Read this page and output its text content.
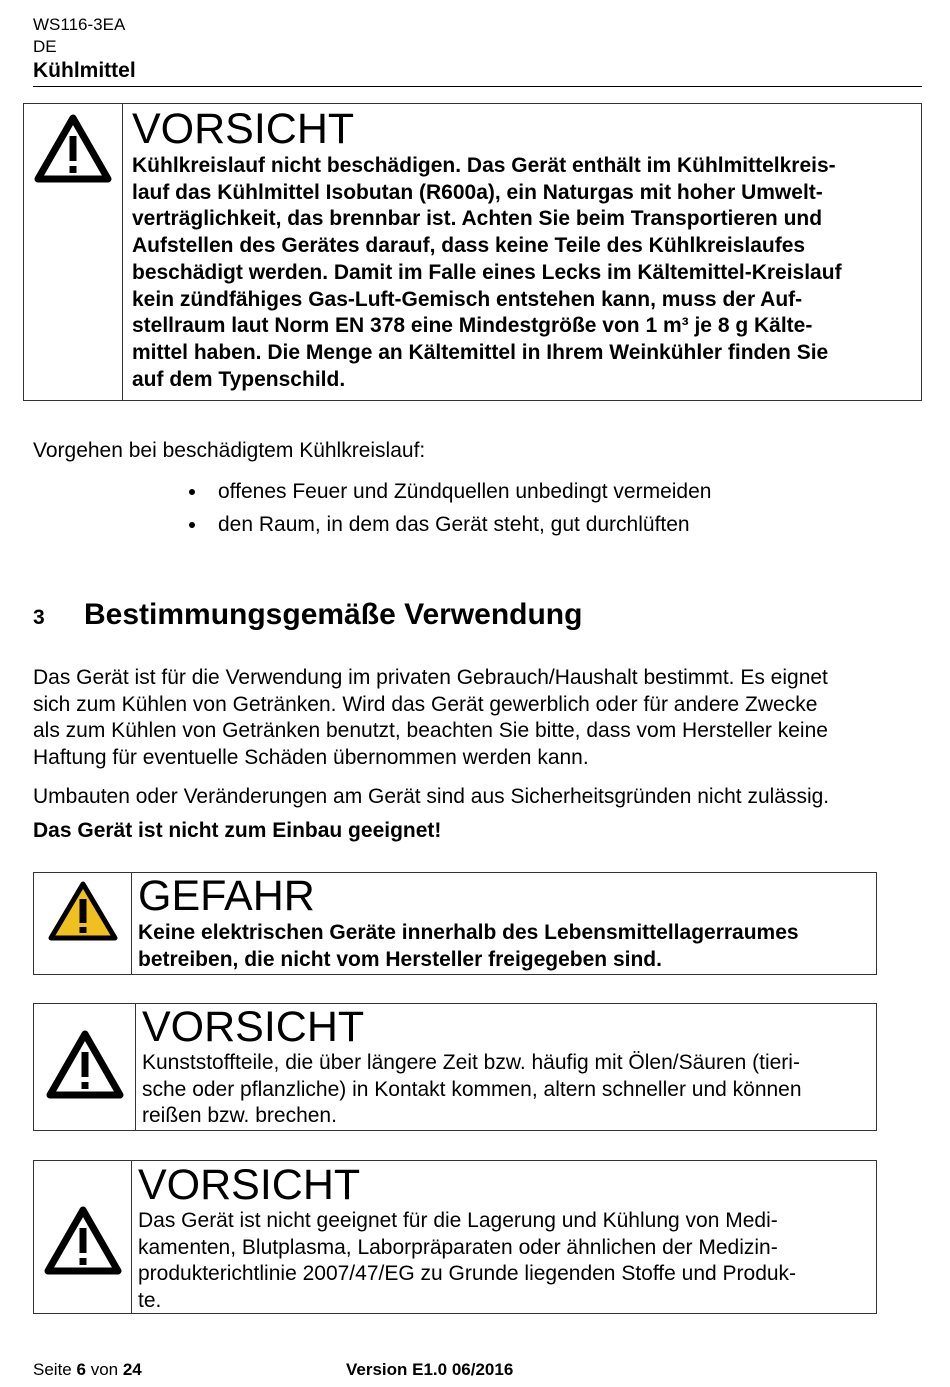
WS116-3EA
DE
Kühlmittel
VORSICHT
Kühlkreislauf nicht beschädigen. Das Gerät enthält im Kühlmittelkreis-
lauf das Kühlmittel Isobutan (R600a), ein Naturgas mit hoher Umwelt-
verträglichkeit, das brennbar ist. Achten Sie beim Transportieren und
Aufstellen des Gerätes darauf, dass keine Teile des Kühlkreislaufes
beschädigt werden. Damit im Falle eines Lecks im Kältemittel-Kreislauf
kein zündfähiges Gas-Luft-Gemisch entstehen kann, muss der Auf-
stellraum laut Norm EN 378 eine Mindestgröße von 1 m³ je 8 g Kälte-
mittel haben. Die Menge an Kältemittel in Ihrem Weinkühler finden Sie
auf dem Typenschild.
Vorgehen bei beschädigtem Kühlkreislauf:
offenes Feuer und Zündquellen unbedingt vermeiden
den Raum, in dem das Gerät steht, gut durchlüften
3 Bestimmungsgemäße Verwendung
Das Gerät ist für die Verwendung im privaten Gebrauch/Haushalt bestimmt. Es eignet
sich zum Kühlen von Getränken. Wird das Gerät gewerblich oder für andere Zwecke
als zum Kühlen von Getränken benutzt, beachten Sie bitte, dass vom Hersteller keine
Haftung für eventuelle Schäden übernommen werden kann.
Umbauten oder Veränderungen am Gerät sind aus Sicherheitsgründen nicht zulässig.
Das Gerät ist nicht zum Einbau geeignet!
GEFAHR
Keine elektrischen Geräte innerhalb des Lebensmittellagerraumes
betreiben, die nicht vom Hersteller freigegeben sind.
VORSICHT
Kunststoffteile, die über längere Zeit bzw. häufig mit Ölen/Säuren (tieri-
sche oder pflanzliche) in Kontakt kommen, altern schneller und können
reißen bzw. brechen.
VORSICHT
Das Gerät ist nicht geeignet für die Lagerung und Kühlung von Medi-
kamenten, Blutplasma, Laborpräparaten oder ähnlichen der Medizin-
produkterichtlinie 2007/47/EG zu Grunde liegenden Stoffe und Produk-
te.
Seite 6 von 24	Version E1.0 06/2016
